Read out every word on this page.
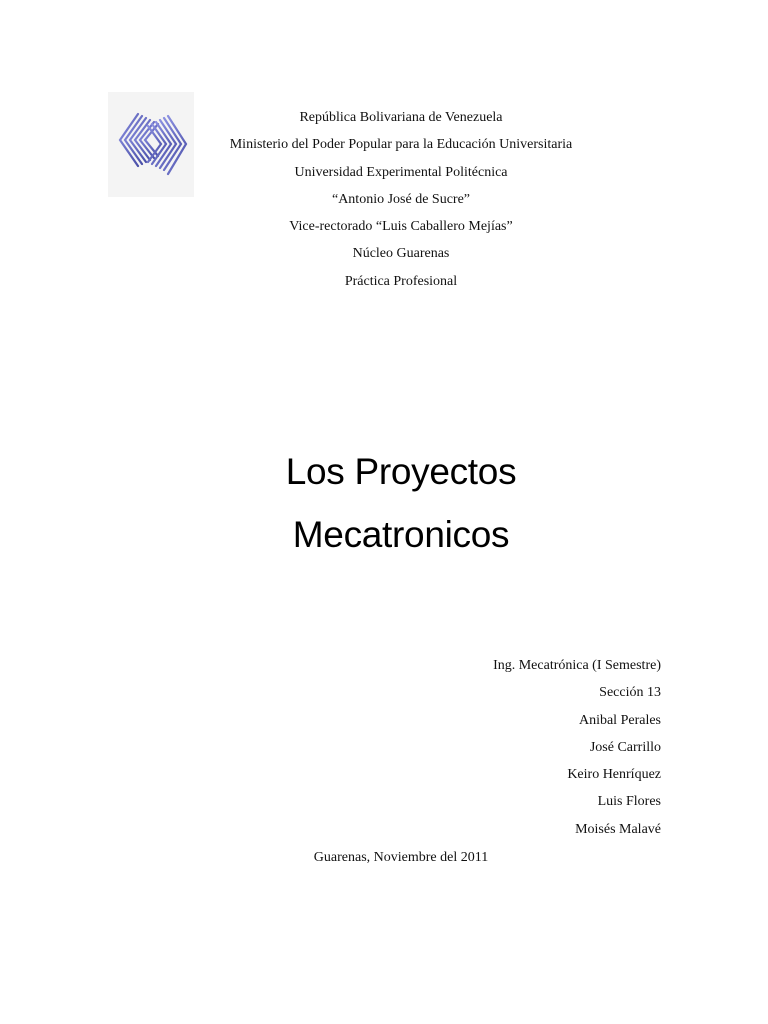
República Bolivariana de Venezuela
Ministerio del Poder Popular para la Educación Universitaria
Universidad Experimental Politécnica
“Antonio José de Sucre”
Vice-rectorado “Luis Caballero Mejías”
Núcleo Guarenas
Práctica Profesional
Los Proyectos
Mecatronicos
Ing. Mecatrónica (I Semestre)
Sección 13
Anibal Perales
José Carrillo
Keiro Henríquez
Luis Flores
Moisés Malavé
Guarenas, Noviembre del 2011
